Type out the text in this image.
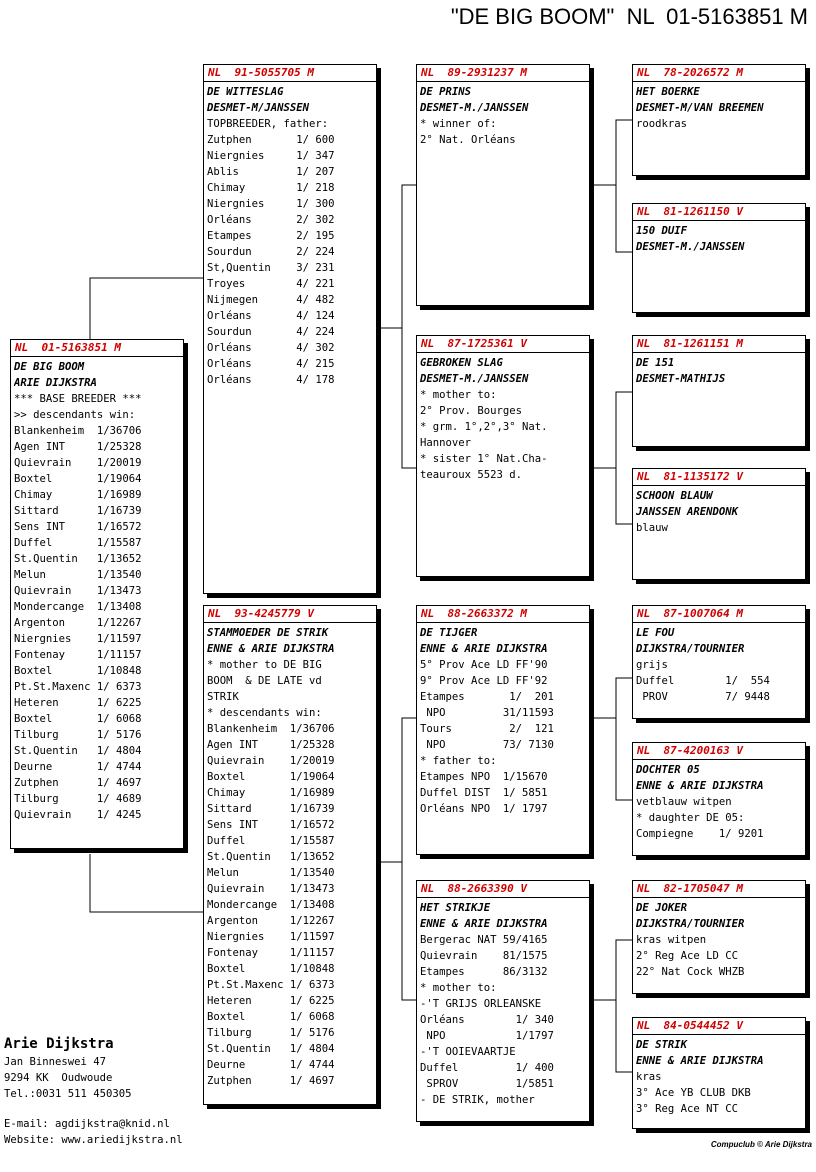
"DE BIG BOOM"  NL  01-5163851 M
NL  01-5163851 M
DE BIG BOOM
ARIE DIJKSTRA
*** BASE BREEDER ***
>> descendants win:
Blankenheim  1/36706
Agen INT     1/25328
Quievrain    1/20019
Boxtel       1/19064
Chimay       1/16989
Sittard      1/16739
Sens INT     1/16572
Duffel       1/15587
St.Quentin   1/13652
Melun        1/13540
Quievrain    1/13473
Mondercange  1/13408
Argenton     1/12267
Niergnies    1/11597
Fontenay     1/11157
Boxtel       1/10848
Pt.St.Maxenc 1/ 6373
Heteren      1/ 6225
Boxtel       1/ 6068
Tilburg      1/ 5176
St.Quentin   1/ 4804
Deurne       1/ 4744
Zutphen      1/ 4697
Tilburg      1/ 4689
Quievrain    1/ 4245
NL  91-5055705 M
DE WITTESLAG
DESMET-M/JANSSEN
TOPBREEDER, father:
Zutphen       1/ 600
Niergnies     1/ 347
Ablis         1/ 207
Chimay        1/ 218
Niergnies     1/ 300
Orléans       2/ 302
Etampes       2/ 195
Sourdun       2/ 224
St,Quentin    3/ 231
Troyes        4/ 221
Nijmegen      4/ 482
Orléans       4/ 124
Sourdun       4/ 224
Orléans       4/ 302
Orléans       4/ 215
Orléans       4/ 178
NL  93-4245779 V
STAMMOEDER DE STRIK
ENNE & ARIE DIJKSTRA
* mother to DE BIG
BOOM  & DE LATE vd
STRIK
* descendants win:
Blankenheim  1/36706
Agen INT     1/25328
Quievrain    1/20019
Boxtel       1/19064
Chimay       1/16989
Sittard      1/16739
Sens INT     1/16572
Duffel       1/15587
St.Quentin   1/13652
Melun        1/13540
Quievrain    1/13473
Mondercange  1/13408
Argenton     1/12267
Niergnies    1/11597
Fontenay     1/11157
Boxtel       1/10848
Pt.St.Maxenc 1/ 6373
Heteren      1/ 6225
Boxtel       1/ 6068
Tilburg      1/ 5176
St.Quentin   1/ 4804
Deurne       1/ 4744
Zutphen      1/ 4697
NL  89-2931237 M
DE PRINS
DESMET-M./JANSSEN
* winner of:
2° Nat. Orléans
NL  87-1725361 V
GEBROKEN SLAG
DESMET-M./JANSSEN
* mother to:
2° Prov. Bourges
* grm. 1°,2°,3° Nat.
Hannover
* sister 1° Nat.Cha-
teauroux 5523 d.
NL  88-2663372 M
DE TIJGER
ENNE & ARIE DIJKSTRA
5° Prov Ace LD FF'90
9° Prov Ace LD FF'92
Etampes       1/  201
NPO         31/11593
Tours         2/  121
NPO         73/ 7130
* father to:
Etampes NPO  1/15670
Duffel DIST  1/ 5851
Orléans NPO  1/ 1797
NL  88-2663390 V
HET STRIKJE
ENNE & ARIE DIJKSTRA
Bergerac NAT 59/4165
Quievrain    81/1575
Etampes      86/3132
* mother to:
-'T GRIJS ORLEANSKE
Orléans        1/ 340
NPO           1/1797
-'T OOIEVAARTJE
Duffel         1/ 400
SPROV         1/5851
- DE STRIK, mother
NL  78-2026572 M
HET BOERKE
DESMET-M/VAN BREEMEN
roodkras
NL  81-1261150 V
150 DUIF
DESMET-M./JANSSEN
NL  81-1261151 M
DE 151
DESMET-MATHIJS
NL  81-1135172 V
SCHOON BLAUW
JANSSEN ARENDONK
blauw
NL  87-1007064 M
LE FOU
DIJKSTRA/TOURNIER
grijs
Duffel        1/  554
PROV         7/ 9448
NL  87-4200163 V
DOCHTER 05
ENNE & ARIE DIJKSTRA
vetblauw witpen
* daughter DE 05:
Compiegne    1/ 9201
NL  82-1705047 M
DE JOKER
DIJKSTRA/TOURNIER
kras witpen
2° Reg Ace LD CC
22° Nat Cock WHZB
NL  84-0544452 V
DE STRIK
ENNE & ARIE DIJKSTRA
kras
3° Ace YB CLUB DKB
3° Reg Ace NT CC
Arie Dijkstra
Jan Binneswei 47
9294 KK  Oudwoude
Tel.:0031 511 450305
E-mail: agdijkstra@knid.nl
Website: www.ariedijkstra.nl	Compuclub © Arie Dijkstra
